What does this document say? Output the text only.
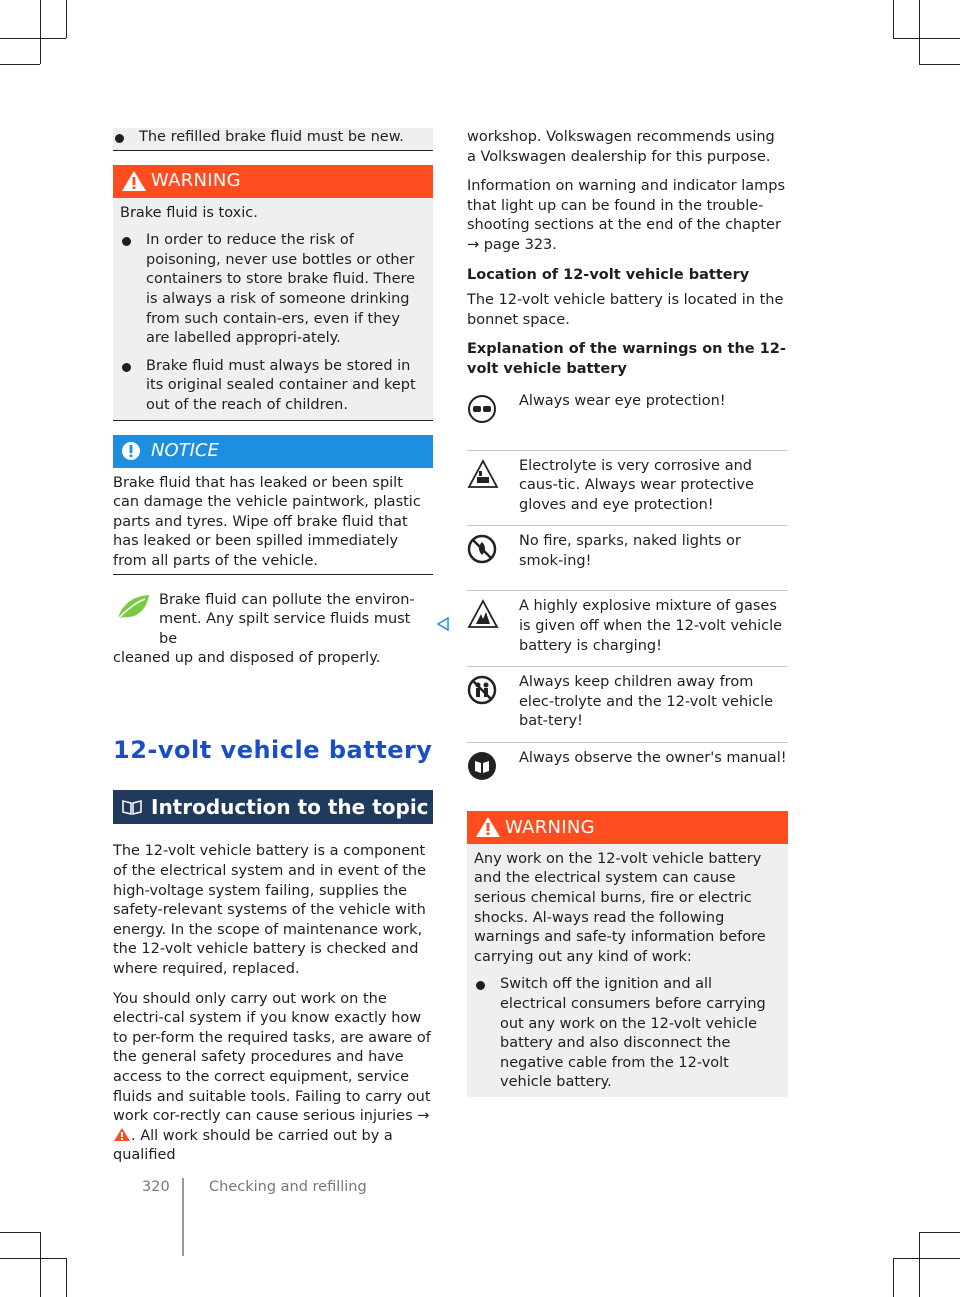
The refilled brake fluid must be new.

WARNING

Brake fluid is toxic.

In order to reduce the risk of poisoning, never use bottles or other containers to store brake fluid. There is always a risk of someone drinking from such contain-ers, even if they are labelled appropri-ately.

Brake fluid must always be stored in its original sealed container and kept out of the reach of children.

NOTICE

Brake fluid that has leaked or been spilt can damage the vehicle paintwork, plastic parts and tyres. Wipe off brake fluid that has leaked or been spilled immediately from all parts of the vehicle.

Brake fluid can pollute the environ-

ment. Any spilt service fluids must be

cleaned up and disposed of properly.

12-volt vehicle battery
Introduction to the topic

The 12-volt vehicle battery is a component of the electrical system and in event of the high-voltage system failing, supplies the safety-relevant systems of the vehicle with energy. In the scope of maintenance work, the 12-volt vehicle battery is checked and where required, replaced.

You should only carry out work on the electri-cal system if you know exactly how to per-form the required tasks, are aware of the general safety procedures and have access to the correct equipment, service fluids and suitable tools. Failing to carry out work cor-rectly can cause serious injuries →. All work should be carried out by a qualified

workshop. Volkswagen recommends using a Volkswagen dealership for this purpose.

Information on warning and indicator lamps that light up can be found in the trouble-shooting sections at the end of the chapter
→ page 323.

Location of 12-volt vehicle battery

The 12-volt vehicle battery is located in the bonnet space.

Explanation of the warnings on the 12-volt vehicle battery

Always wear eye protection!
Electrolyte is very corrosive and caus-tic. Always wear protective gloves and eye protection!
No fire, sparks, naked lights or smok-ing!
A highly explosive mixture of gases is given off when the 12-volt vehicle battery is charging!
Always keep children away from elec-trolyte and the 12-volt vehicle bat-tery!
Always observe the owner's manual!
WARNING

Any work on the 12-volt vehicle battery and the electrical system can cause serious chemical burns, fire or electric shocks. Al-ways read the following warnings and safe-ty information before carrying out any kind of work:

Switch off the ignition and all electrical consumers before carrying out any work on the 12-volt vehicle battery and also disconnect the negative cable from the 12-volt vehicle battery.

320	Checking and refilling
